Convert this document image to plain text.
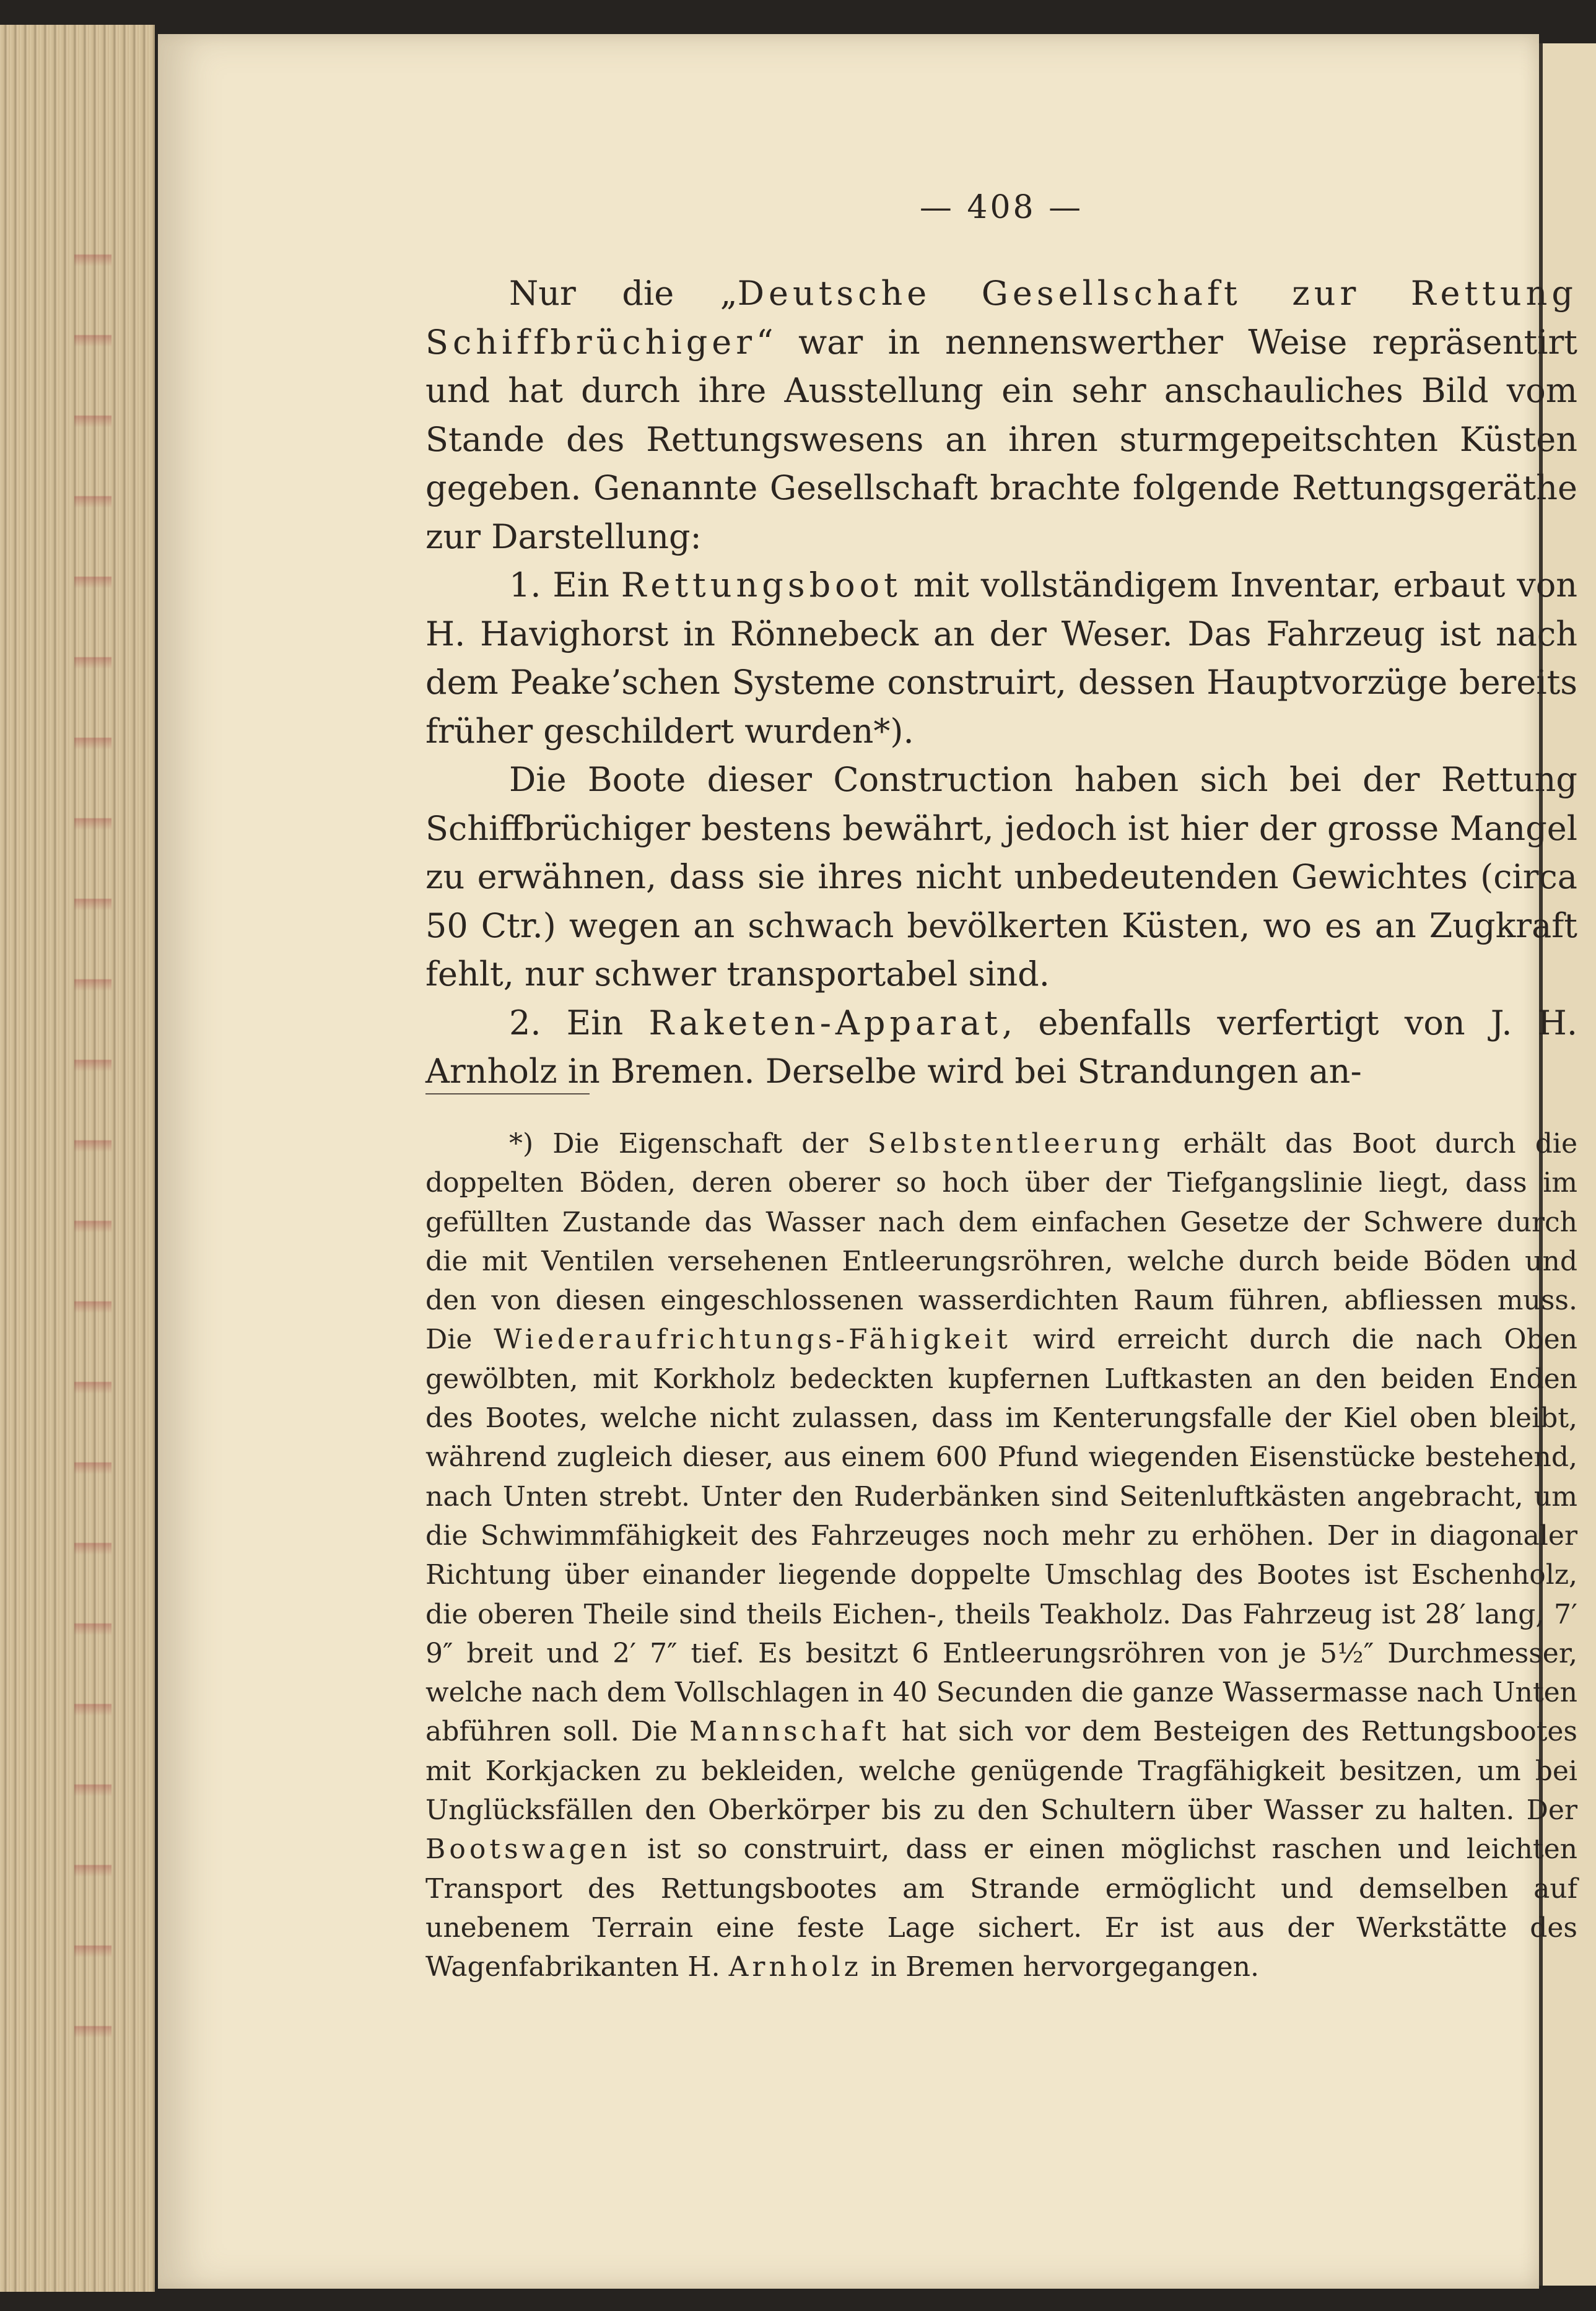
— 408 —

Nur die „Deutsche Gesellschaft zur Rettung Schiffbrüchiger“ war in nennenswerther Weise repräsentirt und hat durch ihre Ausstellung ein sehr anschauliches Bild vom Stande des Rettungswesens an ihren sturmgepeitschten Küsten gegeben. Genannte Gesellschaft brachte folgende Rettungsgeräthe zur Darstellung:

1. Ein Rettungsboot mit vollständigem Inventar, erbaut von H. Havighorst in Rönnebeck an der Weser. Das Fahrzeug ist nach dem Peake’schen Systeme construirt, dessen Hauptvorzüge bereits früher geschildert wurden*).

Die Boote dieser Construction haben sich bei der Rettung Schiffbrüchiger bestens bewährt, jedoch ist hier der grosse Mangel zu erwähnen, dass sie ihres nicht unbedeutenden Gewichtes (circa 50 Ctr.) wegen an schwach bevölkerten Küsten, wo es an Zugkraft fehlt, nur schwer transportabel sind.

2. Ein Raketen-Apparat, ebenfalls verfertigt von J. H. Arnholz in Bremen. Derselbe wird bei Strandungen an-

*) Die Eigenschaft der Selbstentleerung erhält das Boot durch die doppelten Böden, deren oberer so hoch über der Tiefgangslinie liegt, dass im gefüllten Zustande das Wasser nach dem einfachen Gesetze der Schwere durch die mit Ventilen versehenen Entleerungsröhren, welche durch beide Böden und den von diesen eingeschlossenen wasserdichten Raum führen, abfliessen muss. Die Wiederaufrichtungs-Fähigkeit wird erreicht durch die nach Oben gewölbten, mit Korkholz bedeckten kupfernen Luftkasten an den beiden Enden des Bootes, welche nicht zulassen, dass im Kenterungsfalle der Kiel oben bleibt, während zugleich dieser, aus einem 600 Pfund wiegenden Eisenstücke bestehend, nach Unten strebt. Unter den Ruderbänken sind Seitenluftkästen angebracht, um die Schwimmfähigkeit des Fahrzeuges noch mehr zu erhöhen. Der in diagonaler Richtung über einander liegende doppelte Umschlag des Bootes ist Eschenholz, die oberen Theile sind theils Eichen-, theils Teakholz. Das Fahrzeug ist 28′ lang, 7′ 9″ breit und 2′ 7″ tief. Es besitzt 6 Entleerungsröhren von je 5½″ Durchmesser, welche nach dem Vollschlagen in 40 Secunden die ganze Wassermasse nach Unten abführen soll. Die Mannschaft hat sich vor dem Besteigen des Rettungsbootes mit Korkjacken zu bekleiden, welche genügende Tragfähigkeit besitzen, um bei Unglücksfällen den Oberkörper bis zu den Schultern über Wasser zu halten. Der Bootswagen ist so construirt, dass er einen möglichst raschen und leichten Transport des Rettungsbootes am Strande ermöglicht und demselben auf unebenem Terrain eine feste Lage sichert. Er ist aus der Werkstätte des Wagenfabrikanten H. Arnholz in Bremen hervorgegangen.
